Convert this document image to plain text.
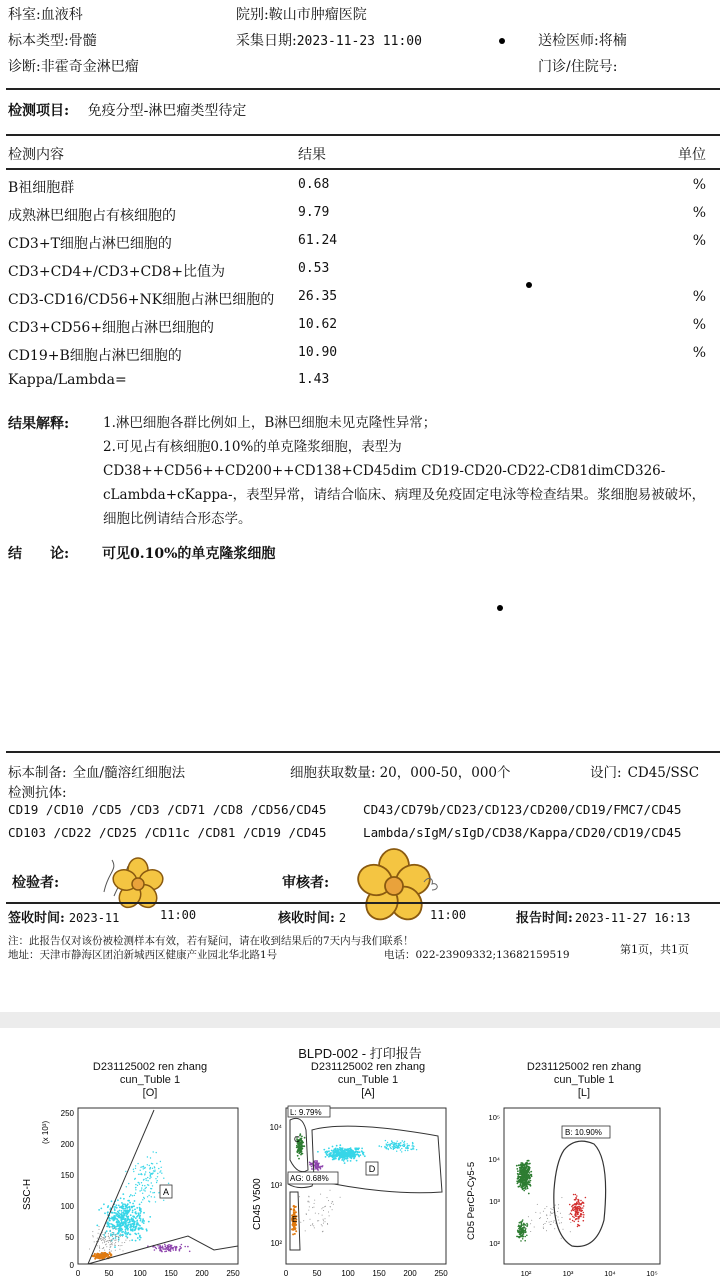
科室:血液科	院别:鞍山市肿瘤医院
标本类型:骨髓	采集日期:2023-11-23 11:00	送检医师:将楠
诊断:非霍奇金淋巴瘤	门诊/住院号:
检测项目: 免疫分型-淋巴瘤类型待定
检测内容	结果	单位
B祖细胞群	0.68	%
成熟淋巴细胞占有核细胞的	9.79	%
CD3+T细胞占淋巴细胞的	61.24	%
CD3+CD4+/CD3+CD8+比值为	0.53
CD3-CD16/CD56+NK细胞占淋巴细胞的 26.35	%
CD3+CD56+细胞占淋巴细胞的	10.62	%
CD19+B细胞占淋巴细胞的	10.90	%
Kappa/Lambda=	1.43
结果解释:	1.淋巴细胞各群比例如上，B淋巴细胞未见克隆性异常；
2.可见占有核细胞0.10%的单克隆浆细胞，表型为CD38++CD56++CD200++CD138+CD45dim CD19-CD20-CD22-CD81dimCD326-cLambda+cKappa-，表型异常，请结合临床、病理及免疫固定电泳等检查结果。浆细胞易被破坏，细胞比例请结合形态学。
结　　论: 可见0.10%的单克隆浆细胞
标本制备: 全血/髓溶红细胞法	细胞获取数量: 20，000-50，000个	设门: CD45/SSC
检测抗体:
CD19 /CD10 /CD5 /CD3 /CD71 /CD8 /CD56/CD45	CD43/CD79b/CD23/CD123/CD200/CD19/FMC7/CD45
CD103 /CD22 /CD25 /CD11c /CD81 /CD19 /CD45	Lambda/sIgM/sIgD/CD38/Kappa/CD20/CD19/CD45
检验者:	审核者:
签收时间: 2023-11	11:00	核收时间: 2	11:00	报告时间: 2023-11-27 16:13
注：此报告仅对该份被检测样本有效，若有疑问，请在收到结果后的7天内与我们联系！
地址：天津市静海区团泊新城西区健康产业园北华北路1号	电话：022-23909332;13682159519	第1页，共1页
BLPD-002 - 打印报告
D231125002 ren zhang
cun_Tuble 1
[O]
D231125002 ren zhang
cun_Tuble 1
[A]
D231125002 ren zhang
cun_Tuble 1
[L]
A
(x 10³)
SSC-H
250
200
150
100
50
0
0	50 100 150 200 250
L: 9.79%
AG: 0.68%
C
E
D
CD45 V500
10⁴
10³
10²
0	50 100 150 200 250
B: 10.90%
CD5 PerCP-Cy5-5
10⁵
10⁴
10³
10²
10²	10³	10⁴	10⁵
